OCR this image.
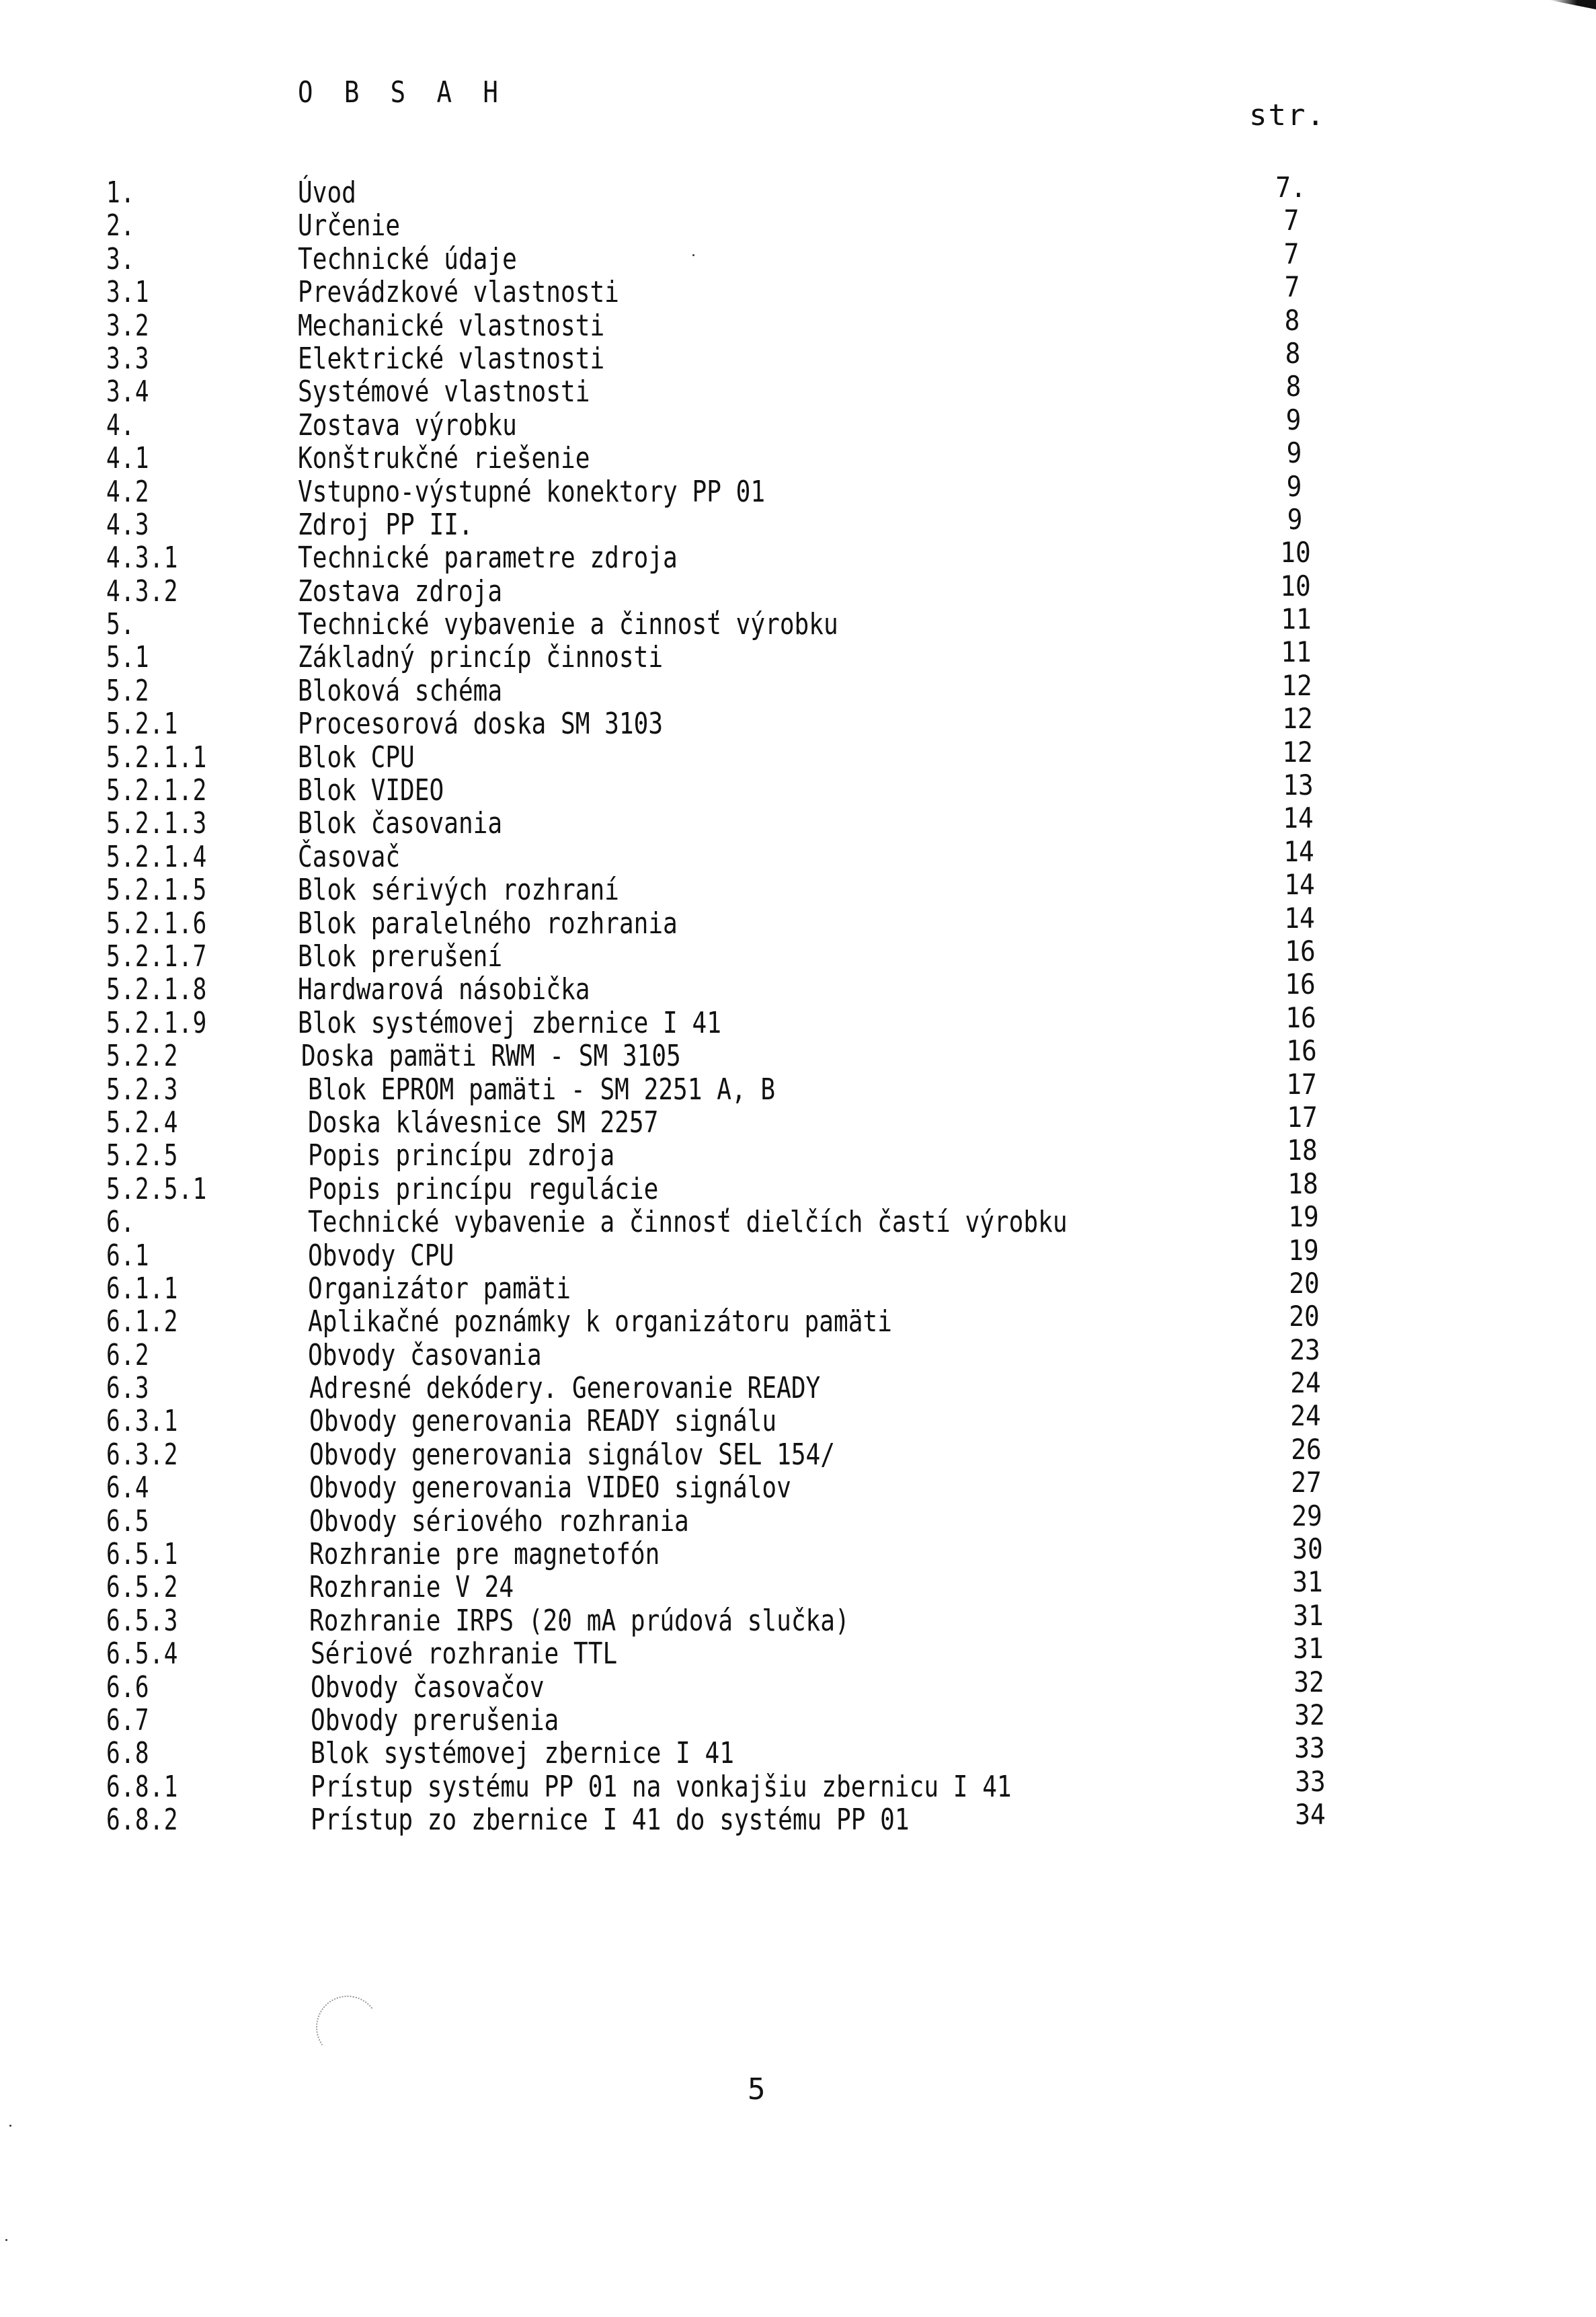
O B S A H
str.
1.	Úvod	7.
2.	Určenie	7
3.	Technické údaje	7
3.1	Prevádzkové vlastnosti	7
3.2	Mechanické vlastnosti	8
3.3	Elektrické vlastnosti	8
3.4	Systémové vlastnosti	8
4.	Zostava výrobku	9
4.1	Konštrukčné riešenie	9
4.2	Vstupno-výstupné konektory PP 01	9
4.3	Zdroj PP II.	9
4.3.1	Technické parametre zdroja	10
4.3.2	Zostava zdroja	10
5.	Technické vybavenie a činnosť výrobku	11
5.1	Základný princíp činnosti	11
5.2	Bloková schéma	12
5.2.1	Procesorová doska SM 3103	12
5.2.1.1	Blok CPU	12
5.2.1.2	Blok VIDEO	13
5.2.1.3	Blok časovania	14
5.2.1.4	Časovač	14
5.2.1.5	Blok sérivých rozhraní	14
5.2.1.6	Blok paralelného rozhrania	14
5.2.1.7	Blok prerušení	16
5.2.1.8	Hardwarová násobička	16
5.2.1.9	Blok systémovej zbernice I 41	16
5.2.2	Doska pamäti RWM - SM 3105	16
5.2.3	Blok EPROM pamäti - SM 2251 A, B	17
5.2.4	Doska klávesnice SM 2257	17
5.2.5	Popis princípu zdroja	18
5.2.5.1	Popis princípu regulácie	18
6.	Technické vybavenie a činnosť dielčích častí výrobku	19
6.1	Obvody CPU	19
6.1.1	Organizátor pamäti	20
6.1.2	Aplikačné poznámky k organizátoru pamäti	20
6.2	Obvody časovania	23
6.3	Adresné dekódery. Generovanie READY	24
6.3.1	Obvody generovania READY signálu	24
6.3.2	Obvody generovania signálov SEL 154/	26
6.4	Obvody generovania VIDEO signálov	27
6.5	Obvody sériového rozhrania	29
6.5.1	Rozhranie pre magnetofón	30
6.5.2	Rozhranie V 24	31
6.5.3	Rozhranie IRPS (20 mA prúdová slučka)	31
6.5.4	Sériové rozhranie TTL	31
6.6	Obvody časovačov	32
6.7	Obvody prerušenia	32
6.8	Blok systémovej zbernice I 41	33
6.8.1	Prístup systému PP 01 na vonkajšiu zbernicu I 41	33
6.8.2	Prístup zo zbernice I 41 do systému PP 01	34
5
